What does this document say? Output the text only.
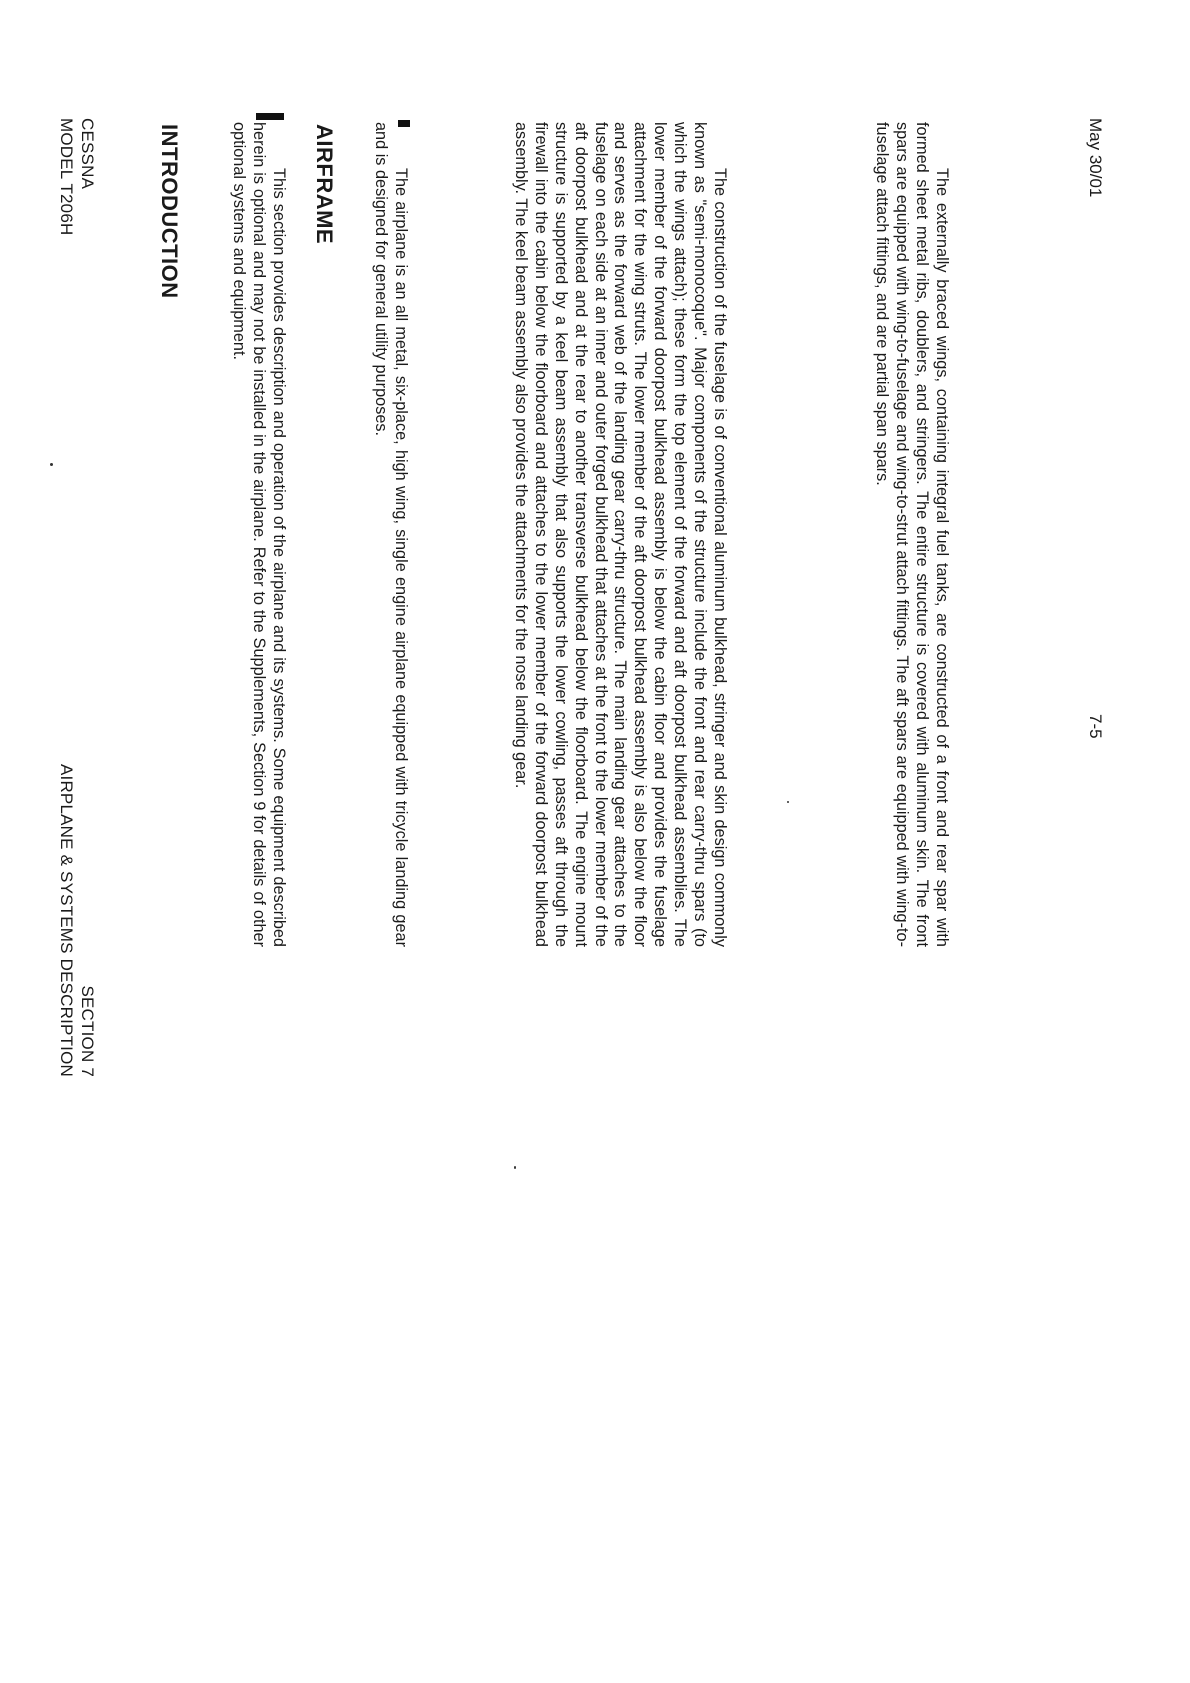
CESSNA
MODEL T206H
SECTION 7
AIRPLANE & SYSTEMS DESCRIPTION
INTRODUCTION	This section provides description and operation of the airplane and its systems. Some equipment described herein is optional and may not be installed in the airplane. Refer to the Supplements, Section 9 for details of other optional systems and equipment.	AIRFRAME	The airplane is an all metal, six-place, high wing, single engine airplane equipped with tricycle landing gear and is designed for general utility purposes.	The construction of the fuselage is of conventional aluminum bulkhead, stringer and skin design commonly known as "semi-monocoque". Major components of the structure include the front and rear carry-thru spars (to which the wings attach); these form the top element of the forward and aft doorpost bulkhead assemblies. The lower member of the forward doorpost bulkhead assembly is below the cabin floor and provides the fuselage attachment for the wing struts. The lower member of the aft doorpost bulkhead assembly is also below the floor and serves as the forward web of the landing gear carry-thru structure. The main landing gear attaches to the fuselage on each side at an inner and outer forged bulkhead that attaches at the front to the lower member of the aft doorpost bulkhead and at the rear to another transverse bulkhead below the floorboard. The engine mount structure is supported by a keel beam assembly that also supports the lower cowling, passes aft through the firewall into the cabin below the floorboard and attaches to the lower member of the forward doorpost bulkhead assembly. The keel beam assembly also provides the attachments for the nose landing gear.	The externally braced wings, containing integral fuel tanks, are constructed of a front and rear spar with formed sheet metal ribs, doublers, and stringers. The entire structure is covered with aluminum skin. The front spars are equipped with wing-to-fuselage and wing-to-strut attach fittings. The aft spars are equipped with wing-to-fuselage attach fittings, and are partial span spars.	May 30/01
7-5
